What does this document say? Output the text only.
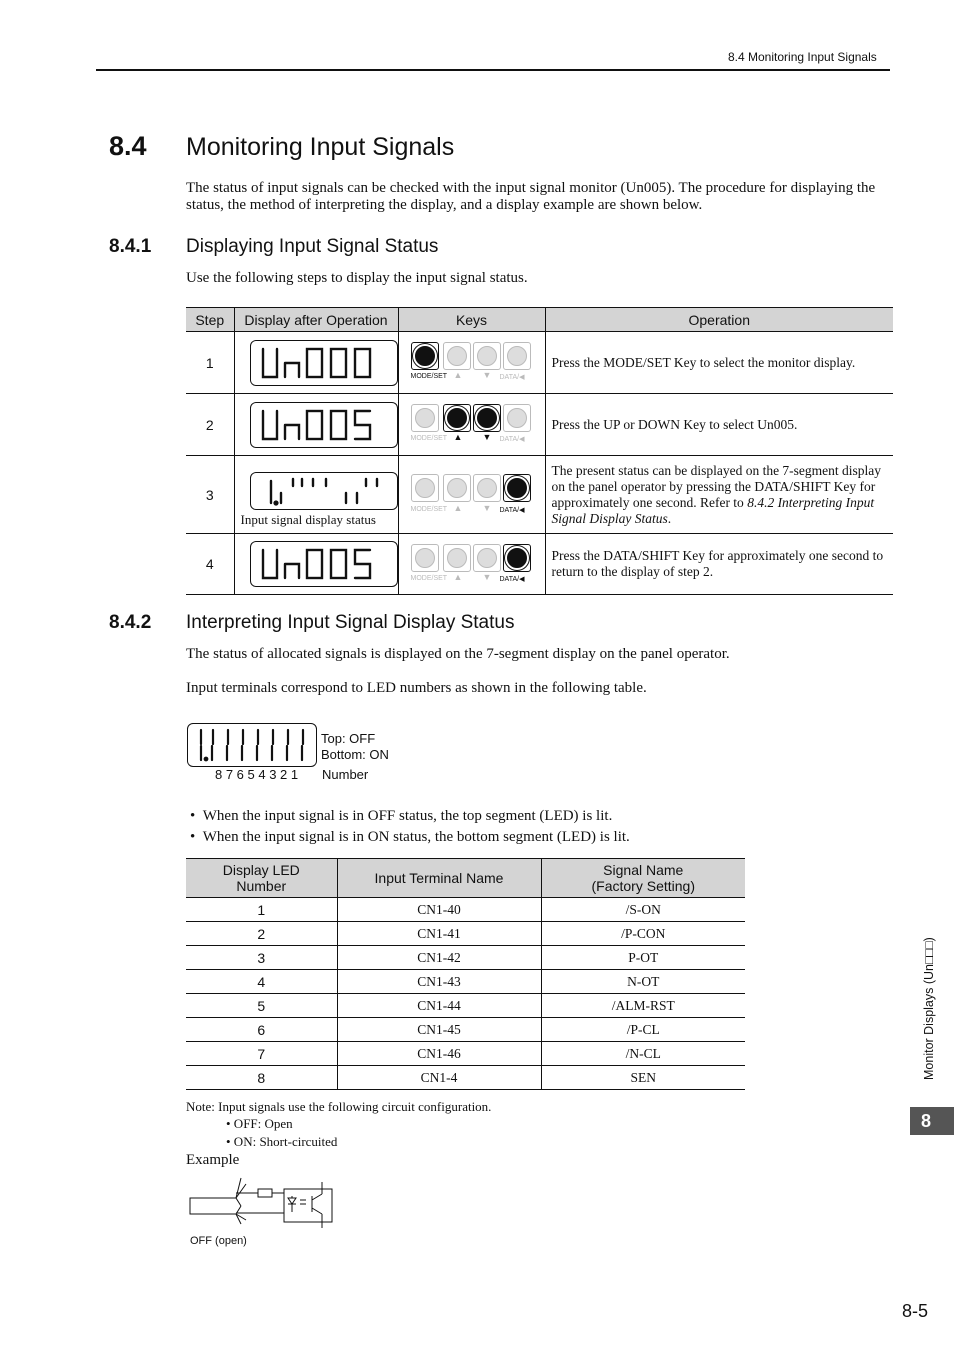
8.4 Monitoring Input Signals
8.4 Monitoring Input Signals
The status of input signals can be checked with the input signal monitor (Un005). The procedure for displaying the status, the method of interpreting the display, and a display example are shown below.
8.4.1 Displaying Input Signal Status
Use the following steps to display the input signal status.
Step	Display after Operation	Keys	Operation
1		MODE/SET ▲ ▼ DATA/◀	Press the MODE/SET Key to select the monitor display.
2		MODE/SET ▲ ▼ DATA/◀	Press the UP or DOWN Key to select Un005.
3	Input signal display status	MODE/SET ▲ ▼ DATA/◀	The present status can be displayed on the 7-segment display on the panel operator by pressing the DATA/SHIFT Key for approximately one second. Refer to 8.4.2 Interpreting Input Signal Display Status.
4		MODE/SET ▲ ▼ DATA/◀	Press the DATA/SHIFT Key for approximately one second to return to the display of step 2.
8.4.2 Interpreting Input Signal Display Status
The status of allocated signals is displayed on the 7-segment display on the panel operator.
Input terminals correspond to LED numbers as shown in the following table.
Top: OFF
Bottom: ON
8 7 6 5 4 3 2 1 Number
•  When the input signal is in OFF status, the top segment (LED) is lit.
•  When the input signal is in ON status, the bottom segment (LED) is lit.
Display LED Number	Input Terminal Name	Signal Name (Factory Setting)

1	CN1-40	/S-ON
2	CN1-41	/P-CON
3	CN1-42	P-OT
4	CN1-43	N-OT
5	CN1-44	/ALM-RST
6	CN1-45	/P-CL
7	CN1-46	/N-CL
8	CN1-4	SEN
Note: Input signals use the following circuit configuration.
• OFF: Open
• ON: Short-circuited
Example
OFF (open)
Monitor Displays (Un□□□)
8
8-5
